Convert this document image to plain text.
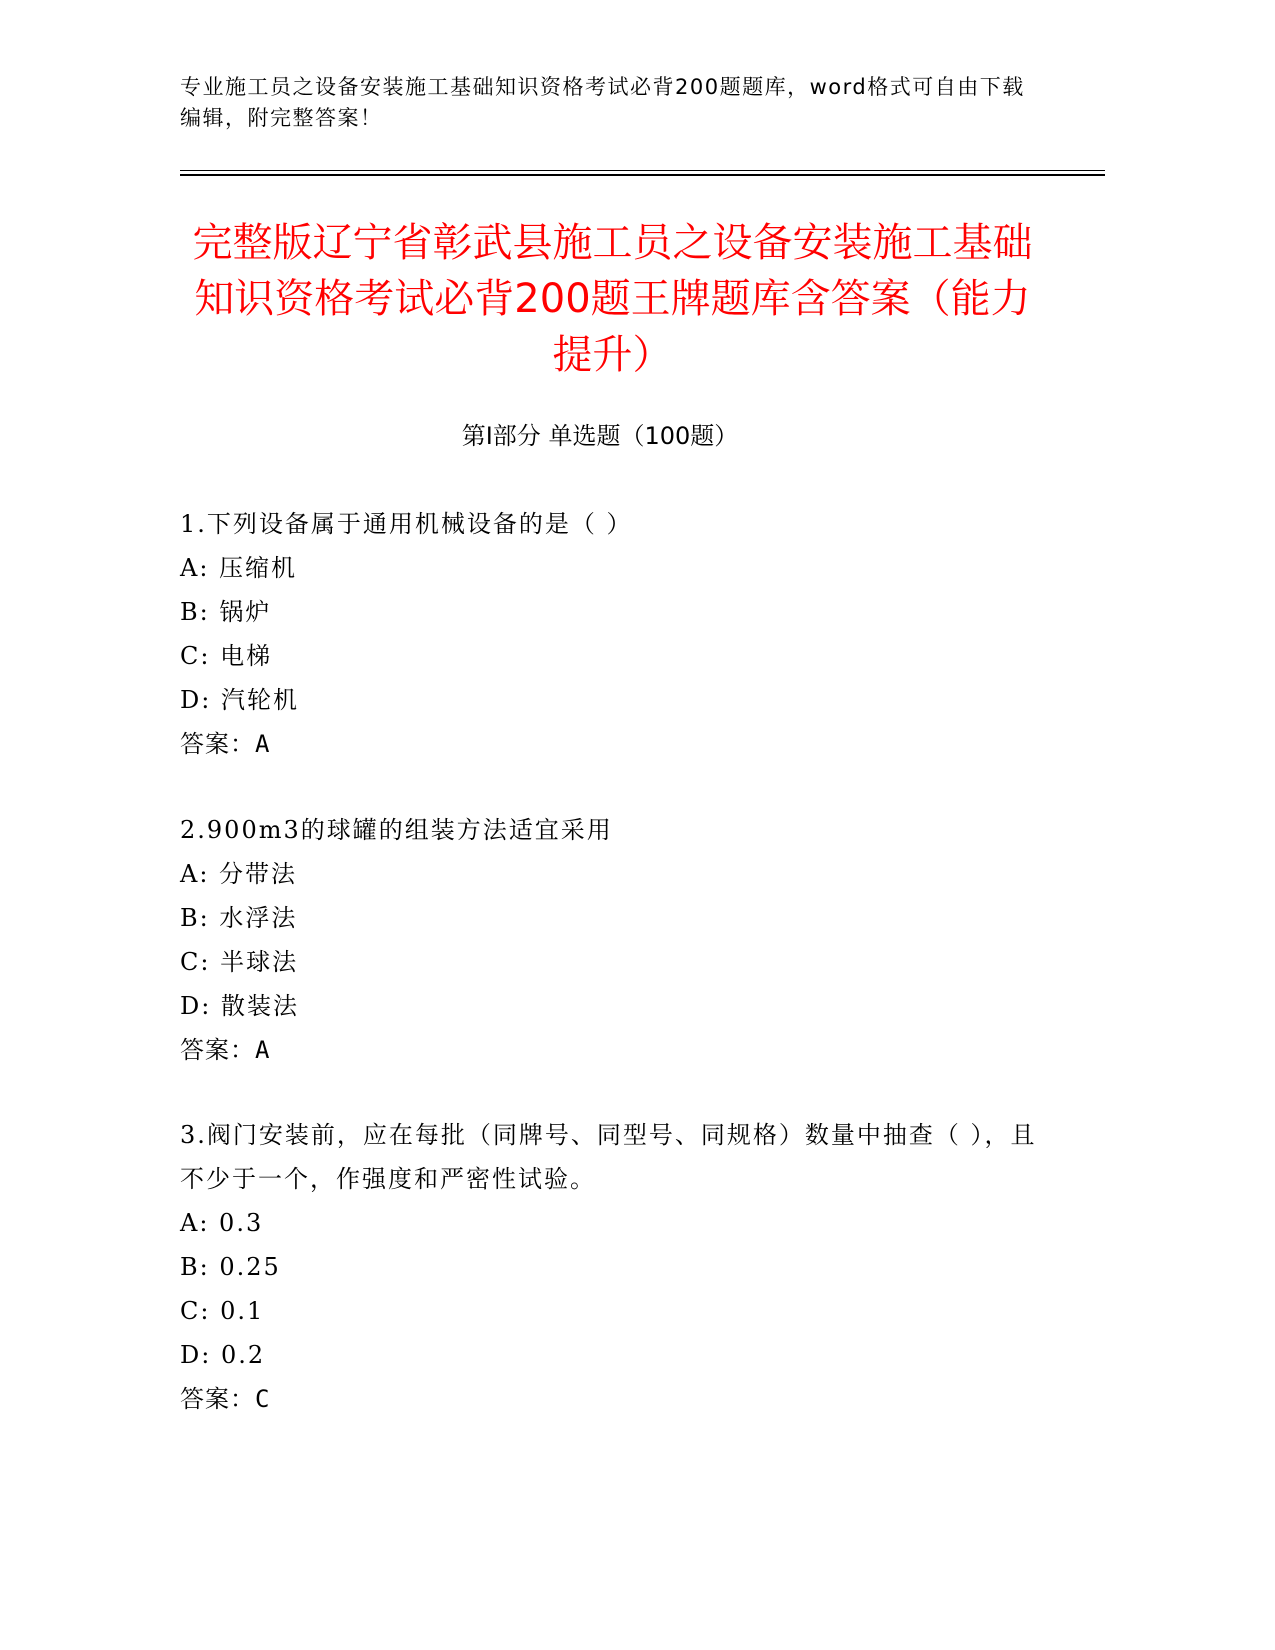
专业施工员之设备安装施工基础知识资格考试必背200题题库，word格式可自由下载编辑，附完整答案！
完整版辽宁省彰武县施工员之设备安装施工基础知识资格考试必背200题王牌题库含答案（能力提升）
第Ⅰ部分 单选题（100题）
1.下列设备属于通用机械设备的是（ ）
A: 压缩机
B: 锅炉
C: 电梯
D: 汽轮机
答案：A
2.900m3的球罐的组装方法适宜采用
A: 分带法
B: 水浮法
C: 半球法
D: 散装法
答案：A
3.阀门安装前，应在每批（同牌号、同型号、同规格）数量中抽查（ ），且不少于一个，作强度和严密性试验。
A: 0.3
B: 0.25
C: 0.1
D: 0.2
答案：C
